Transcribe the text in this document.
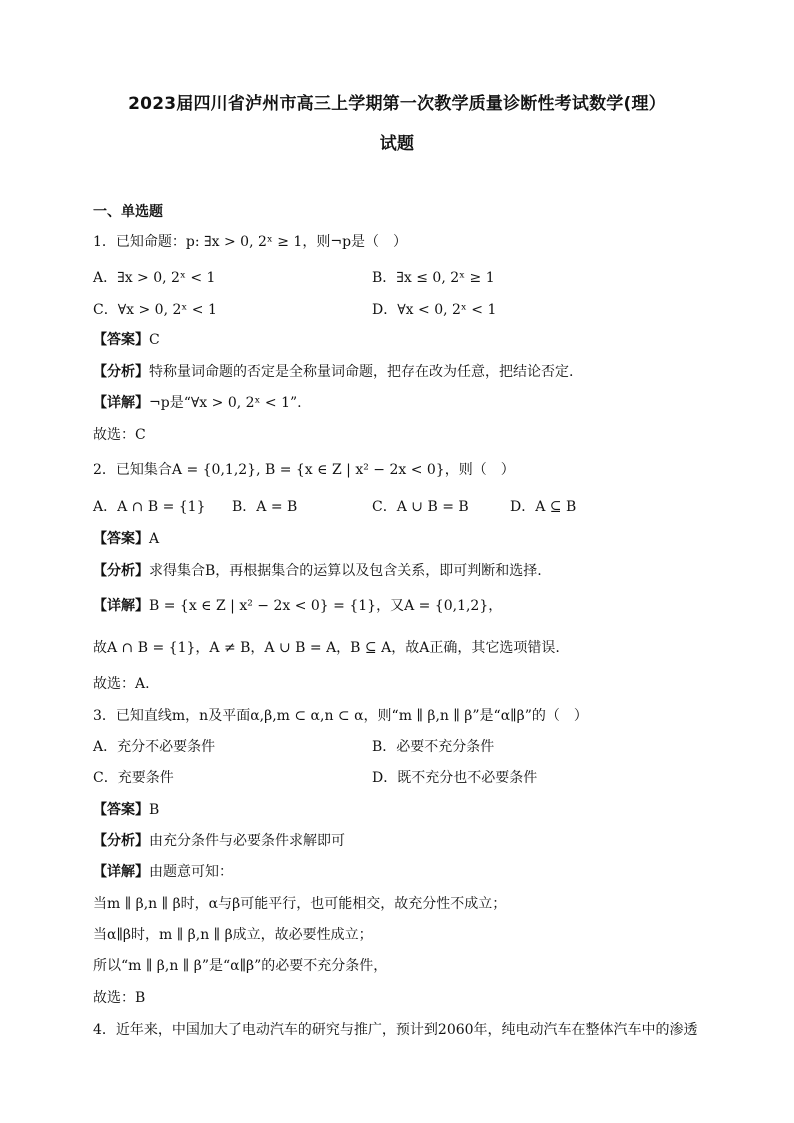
2023届四川省泸州市高三上学期第一次教学质量诊断性考试数学(理）
试题
一、单选题
1．已知命题：p: ∃x > 0, 2ˣ ≥ 1，则¬p是（　）
A．∃x > 0, 2ˣ < 1	B．∃x ≤ 0, 2ˣ ≥ 1
C．∀x > 0, 2ˣ < 1	D．∀x < 0, 2ˣ < 1
【答案】C
【分析】特称量词命题的否定是全称量词命题，把存在改为任意，把结论否定.
【详解】¬p是“∀x > 0, 2ˣ < 1”.
故选：C
2．已知集合A = {0,1,2}, B = {x ∈ Z | x² − 2x < 0}，则（　）
A．A ∩ B = {1} B．A = B	C．A ∪ B = B	D．A ⊆ B
【答案】A
【分析】求得集合B，再根据集合的运算以及包含关系，即可判断和选择.
【详解】B = {x ∈ Z | x² − 2x < 0} = {1}，又A = {0,1,2}，
故A ∩ B = {1}，A ≠ B，A ∪ B = A，B ⊆ A，故A正确，其它选项错误.
故选：A.
3．已知直线m，n及平面α,β,m ⊂ α,n ⊂ α，则“m ∥ β,n ∥ β”是“α∥β”的（　）
A．充分不必要条件	B．必要不充分条件
C．充要条件	D．既不充分也不必要条件
【答案】B
【分析】由充分条件与必要条件求解即可
【详解】由题意可知：
当m ∥ β,n ∥ β时，α与β可能平行，也可能相交，故充分性不成立；
当α∥β时，m ∥ β,n ∥ β成立，故必要性成立；
所以“m ∥ β,n ∥ β”是“α∥β”的必要不充分条件，
故选：B
4．近年来，中国加大了电动汽车的研究与推广，预计到2060年，纯电动汽车在整体汽车中的渗透
